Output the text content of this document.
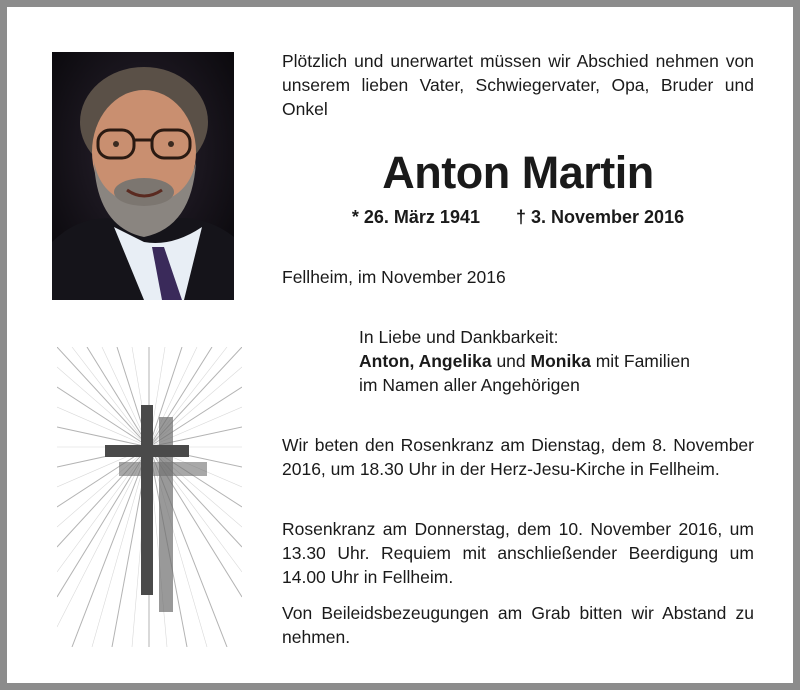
Plötzlich und unerwartet müssen wir Abschied nehmen von unserem lieben Vater, Schwiegervater, Opa, Bruder und Onkel
Anton Martin
* 26. März 1941 † 3. November 2016
Fellheim, im November 2016
In Liebe und Dankbarkeit:
Anton, Angelika und Monika mit Familien
im Namen aller Angehörigen
Wir beten den Rosenkranz am Dienstag, dem 8. November 2016, um 18.30 Uhr in der Herz-Jesu-Kirche in Fellheim.
Rosenkranz am Donnerstag, dem 10. November 2016, um 13.30 Uhr. Requiem mit anschließender Beerdigung um 14.00 Uhr in Fellheim.
Von Beileidsbezeugungen am Grab bitten wir Abstand zu nehmen.
